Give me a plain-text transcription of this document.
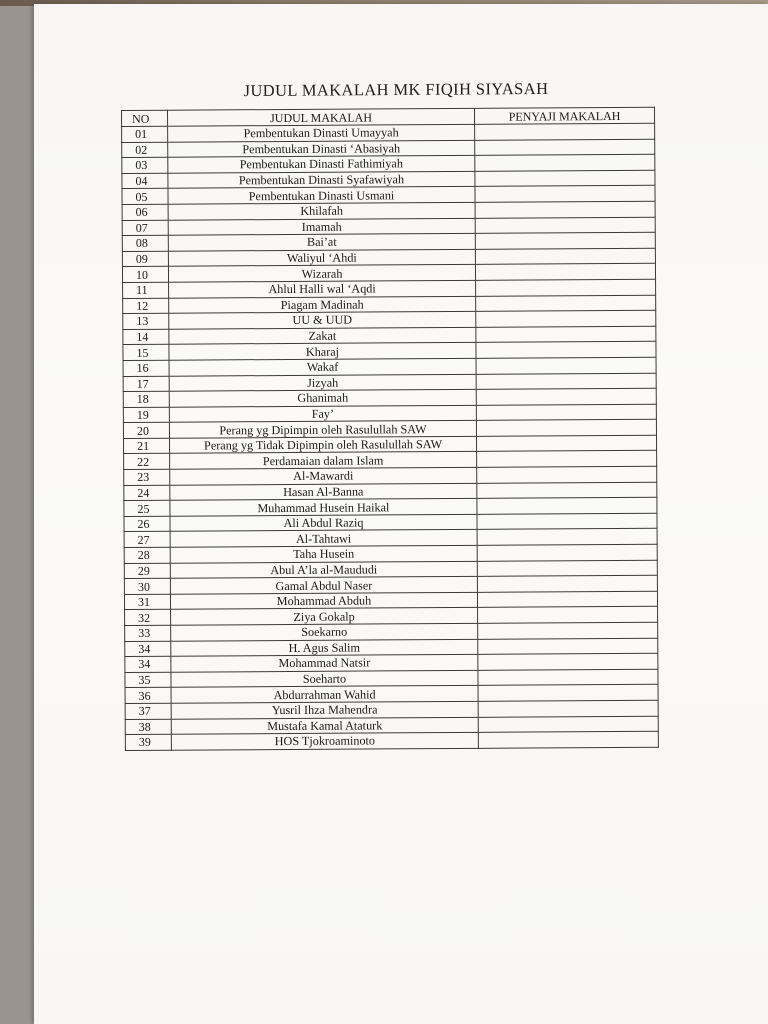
JUDUL MAKALAH MK FIQIH SIYASAH
NO	JUDUL MAKALAH	PENYAJI MAKALAH
01	Pembentukan Dinasti Umayyah	
02	Pembentukan Dinasti ‘Abasiyah	
03	Pembentukan Dinasti Fathimiyah	
04	Pembentukan Dinasti Syafawiyah	
05	Pembentukan Dinasti Usmani	
06	Khilafah	
07	Imamah	
08	Bai’at	
09	Waliyul ‘Ahdi	
10	Wizarah	
11	Ahlul Halli wal ‘Aqdi	
12	Piagam Madinah	
13	UU & UUD	
14	Zakat	
15	Kharaj	
16	Wakaf	
17	Jizyah	
18	Ghanimah	
19	Fay’	
20	Perang yg Dipimpin oleh Rasulullah SAW	
21	Perang yg Tidak Dipimpin oleh Rasulullah SAW	
22	Perdamaian dalam Islam	
23	Al-Mawardi	
24	Hasan Al-Banna	
25	Muhammad Husein Haikal	
26	Ali Abdul Raziq	
27	Al-Tahtawi	
28	Taha Husein	
29	Abul A’la al-Maududi	
30	Gamal Abdul Naser	
31	Mohammad Abduh	
32	Ziya Gokalp	
33	Soekarno	
34	H. Agus Salim	
34	Mohammad Natsir	
35	Soeharto	
36	Abdurrahman Wahid	
37	Yusril Ihza Mahendra	
38	Mustafa Kamal Ataturk	
39	HOS Tjokroaminoto	
